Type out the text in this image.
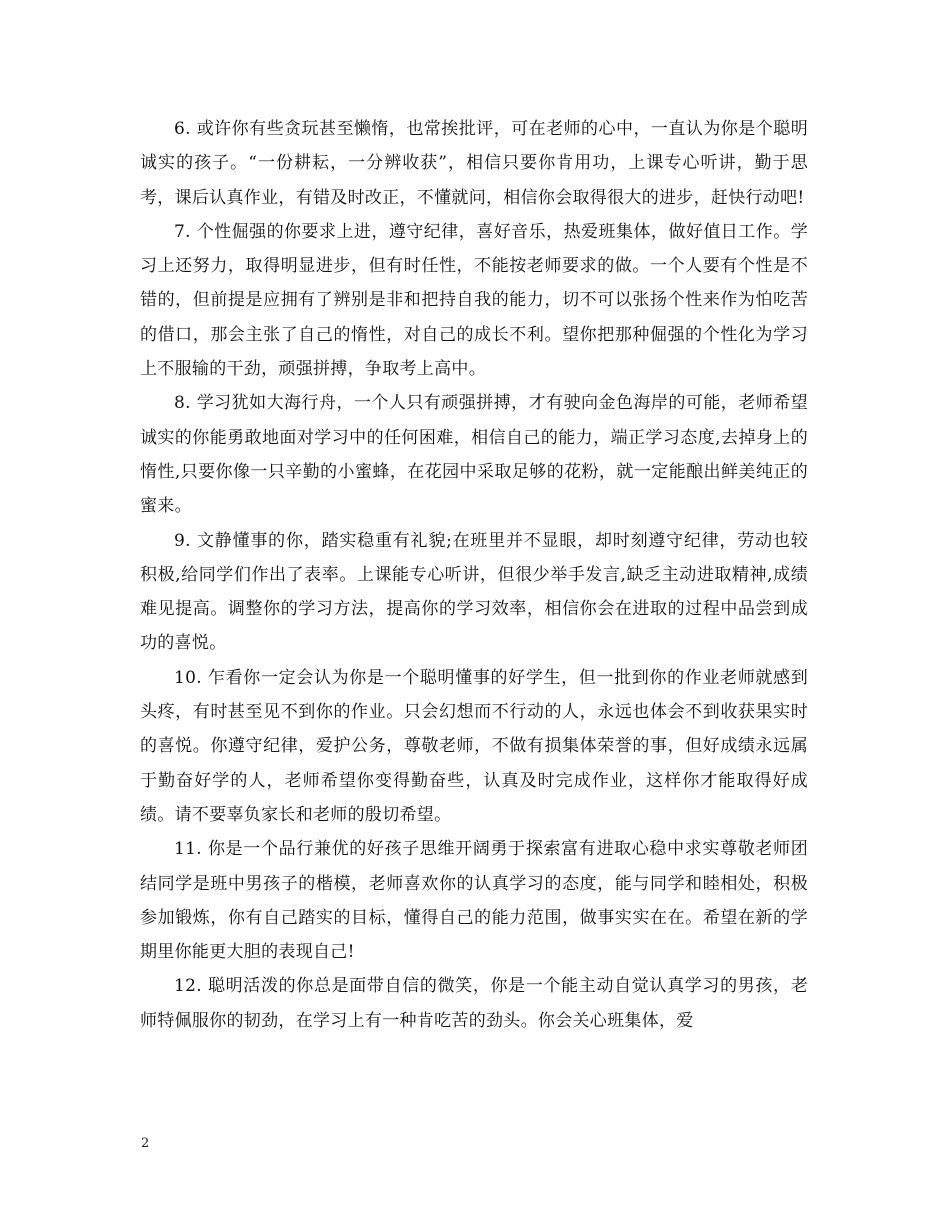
6. 或许你有些贪玩甚至懒惰，也常挨批评，可在老师的心中，一直认为你是个聪明诚实的孩子。“一份耕耘，一分辨收获”，相信只要你肯用功，上课专心听讲，勤于思考，课后认真作业，有错及时改正，不懂就问，相信你会取得很大的进步，赶快行动吧!

7. 个性倔强的你要求上进，遵守纪律，喜好音乐，热爱班集体，做好值日工作。学习上还努力，取得明显进步，但有时任性，不能按老师要求的做。一个人要有个性是不错的，但前提是应拥有了辨别是非和把持自我的能力，切不可以张扬个性来作为怕吃苦的借口，那会主张了自己的惰性，对自己的成长不利。望你把那种倔强的个性化为学习上不服输的干劲，顽强拼搏，争取考上高中。

8. 学习犹如大海行舟，一个人只有顽强拼搏，才有驶向金色海岸的可能，老师希望诚实的你能勇敢地面对学习中的任何困难，相信自己的能力，端正学习态度,去掉身上的惰性,只要你像一只辛勤的小蜜蜂，在花园中采取足够的花粉，就一定能酿出鲜美纯正的蜜来。

9. 文静懂事的你，踏实稳重有礼貌;在班里并不显眼，却时刻遵守纪律，劳动也较积极,给同学们作出了表率。上课能专心听讲，但很少举手发言,缺乏主动进取精神,成绩难见提高。调整你的学习方法，提高你的学习效率，相信你会在进取的过程中品尝到成功的喜悦。

10. 乍看你一定会认为你是一个聪明懂事的好学生，但一批到你的作业老师就感到头疼，有时甚至见不到你的作业。只会幻想而不行动的人，永远也体会不到收获果实时的喜悦。你遵守纪律，爱护公务，尊敬老师，不做有损集体荣誉的事，但好成绩永远属于勤奋好学的人，老师希望你变得勤奋些，认真及时完成作业，这样你才能取得好成绩。请不要辜负家长和老师的殷切希望。

11. 你是一个品行兼优的好孩子思维开阔勇于探索富有进取心稳中求实尊敬老师团结同学是班中男孩子的楷模，老师喜欢你的认真学习的态度，能与同学和睦相处，积极参加锻炼，你有自己踏实的目标，懂得自己的能力范围，做事实实在在。希望在新的学期里你能更大胆的表现自己!

12. 聪明活泼的你总是面带自信的微笑，你是一个能主动自觉认真学习的男孩，老师特佩服你的韧劲，在学习上有一种肯吃苦的劲头。你会关心班集体，爱

2
